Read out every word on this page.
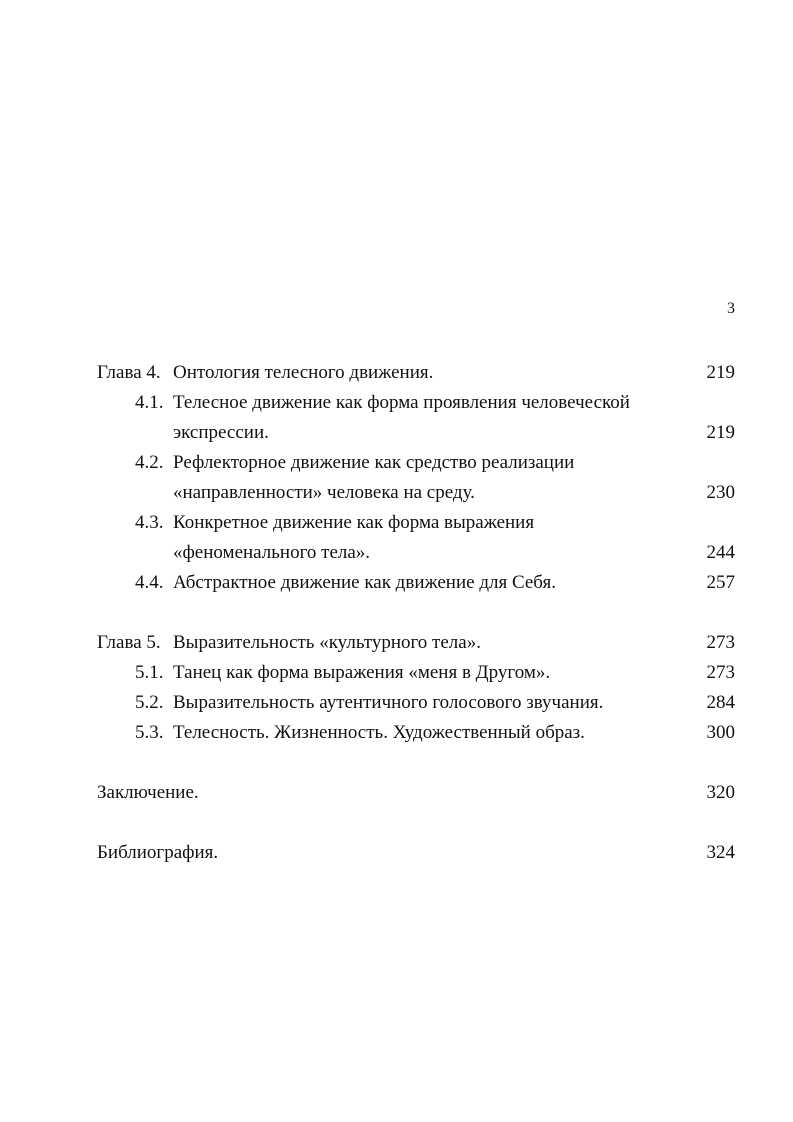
3
Глава 4. Онтология телесного движения.	219
4.1. Телесное движение как форма проявления человеческой
экспрессии.	219
4.2. Рефлекторное движение как средство реализации
«направленности» человека на среду.	230
4.3. Конкретное движение как форма выражения
«феноменального тела».	244
4.4. Абстрактное движение как движение для Себя.	257
Глава 5. Выразительность «культурного тела».	273
5.1. Танец как форма выражения «меня в Другом».	273
5.2. Выразительность аутентичного голосового звучания.	284
5.3. Телесность. Жизненность. Художественный образ.	300
Заключение.	320
Библиография.	324
